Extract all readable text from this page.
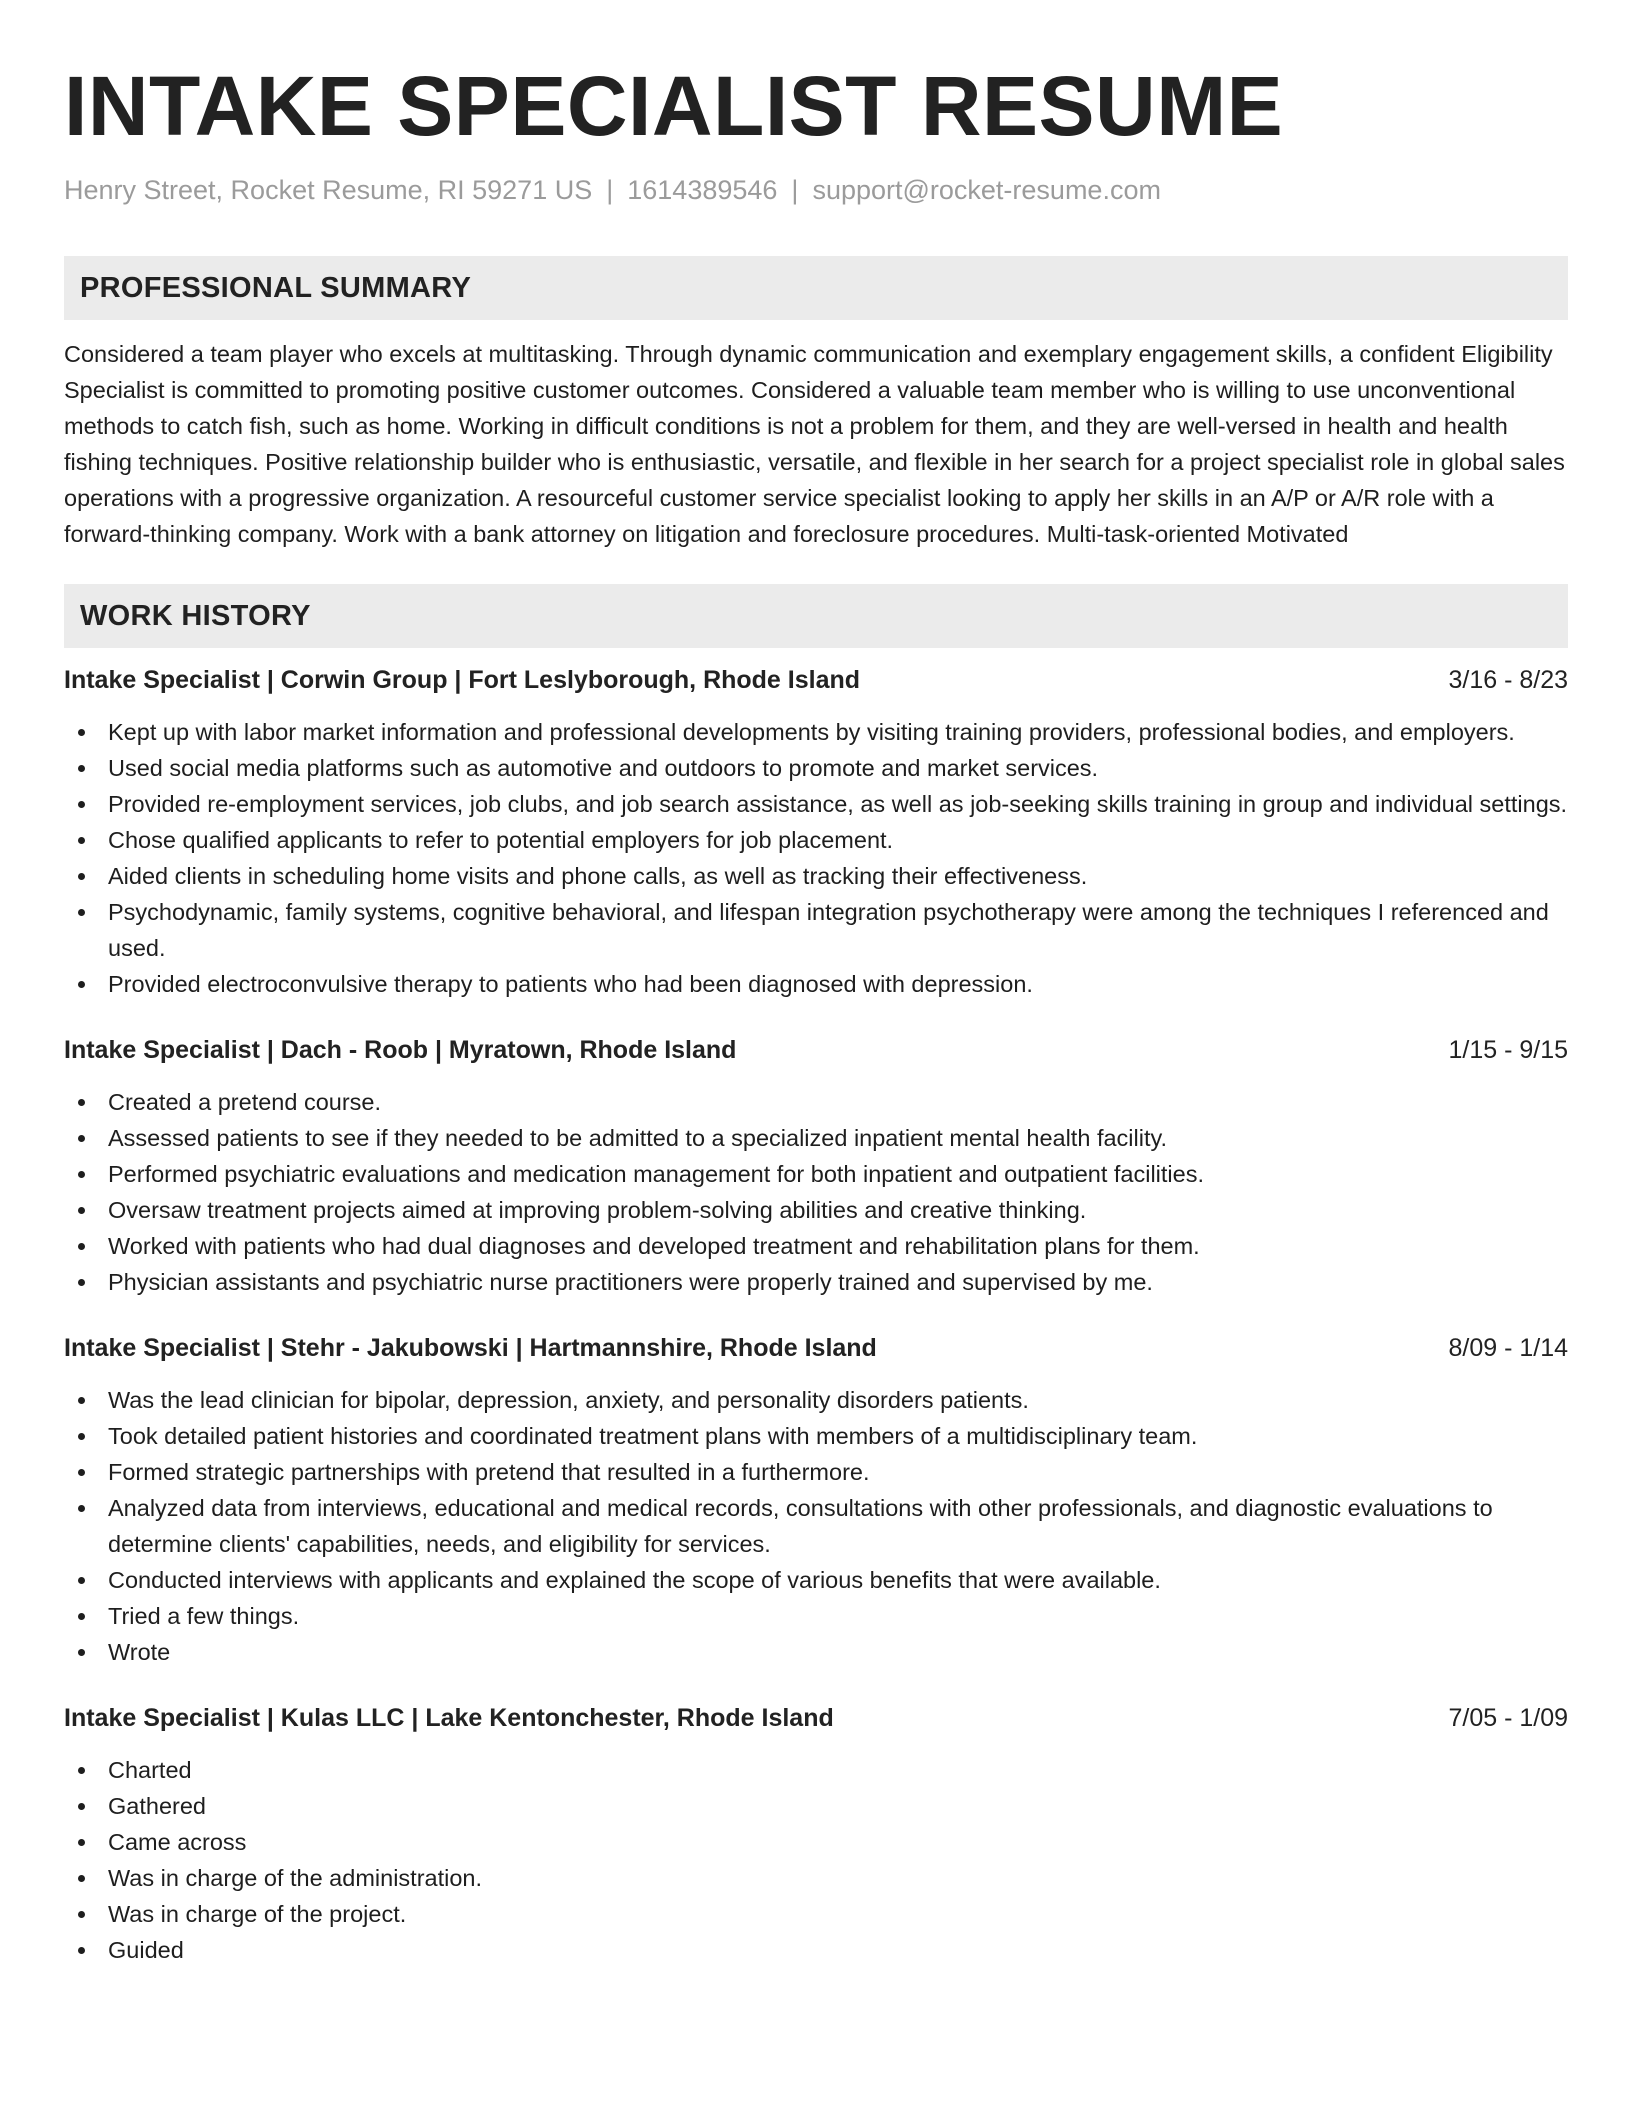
INTAKE SPECIALIST RESUME
Henry Street, Rocket Resume, RI 59271 US | 1614389546 | support@rocket-resume.com
PROFESSIONAL SUMMARY

Considered a team player who excels at multitasking. Through dynamic communication and exemplary engagement skills, a confident Eligibility Specialist is committed to promoting positive customer outcomes. Considered a valuable team member who is willing to use unconventional methods to catch fish, such as home. Working in difficult conditions is not a problem for them, and they are well-versed in health and health fishing techniques. Positive relationship builder who is enthusiastic, versatile, and flexible in her search for a project specialist role in global sales operations with a progressive organization. A resourceful customer service specialist looking to apply her skills in an A/P or A/R role with a forward-thinking company. Work with a bank attorney on litigation and foreclosure procedures. Multi-task-oriented Motivated

WORK HISTORY
Intake Specialist | Corwin Group | Fort Leslyborough, Rhode Island	3/16 - 8/23
Kept up with labor market information and professional developments by visiting training providers, professional bodies, and employers.
Used social media platforms such as automotive and outdoors to promote and market services.
Provided re-employment services, job clubs, and job search assistance, as well as job-seeking skills training in group and individual settings.
Chose qualified applicants to refer to potential employers for job placement.
Aided clients in scheduling home visits and phone calls, as well as tracking their effectiveness.
Psychodynamic, family systems, cognitive behavioral, and lifespan integration psychotherapy were among the techniques I referenced and used.
Provided electroconvulsive therapy to patients who had been diagnosed with depression.
Intake Specialist | Dach - Roob | Myratown, Rhode Island	1/15 - 9/15
Created a pretend course.
Assessed patients to see if they needed to be admitted to a specialized inpatient mental health facility.
Performed psychiatric evaluations and medication management for both inpatient and outpatient facilities.
Oversaw treatment projects aimed at improving problem-solving abilities and creative thinking.
Worked with patients who had dual diagnoses and developed treatment and rehabilitation plans for them.
Physician assistants and psychiatric nurse practitioners were properly trained and supervised by me.
Intake Specialist | Stehr - Jakubowski | Hartmannshire, Rhode Island	8/09 - 1/14
Was the lead clinician for bipolar, depression, anxiety, and personality disorders patients.
Took detailed patient histories and coordinated treatment plans with members of a multidisciplinary team.
Formed strategic partnerships with pretend that resulted in a furthermore.
Analyzed data from interviews, educational and medical records, consultations with other professionals, and diagnostic evaluations to determine clients' capabilities, needs, and eligibility for services.
Conducted interviews with applicants and explained the scope of various benefits that were available.
Tried a few things.
Wrote
Intake Specialist | Kulas LLC | Lake Kentonchester, Rhode Island	7/05 - 1/09
Charted
Gathered
Came across
Was in charge of the administration.
Was in charge of the project.
Guided
